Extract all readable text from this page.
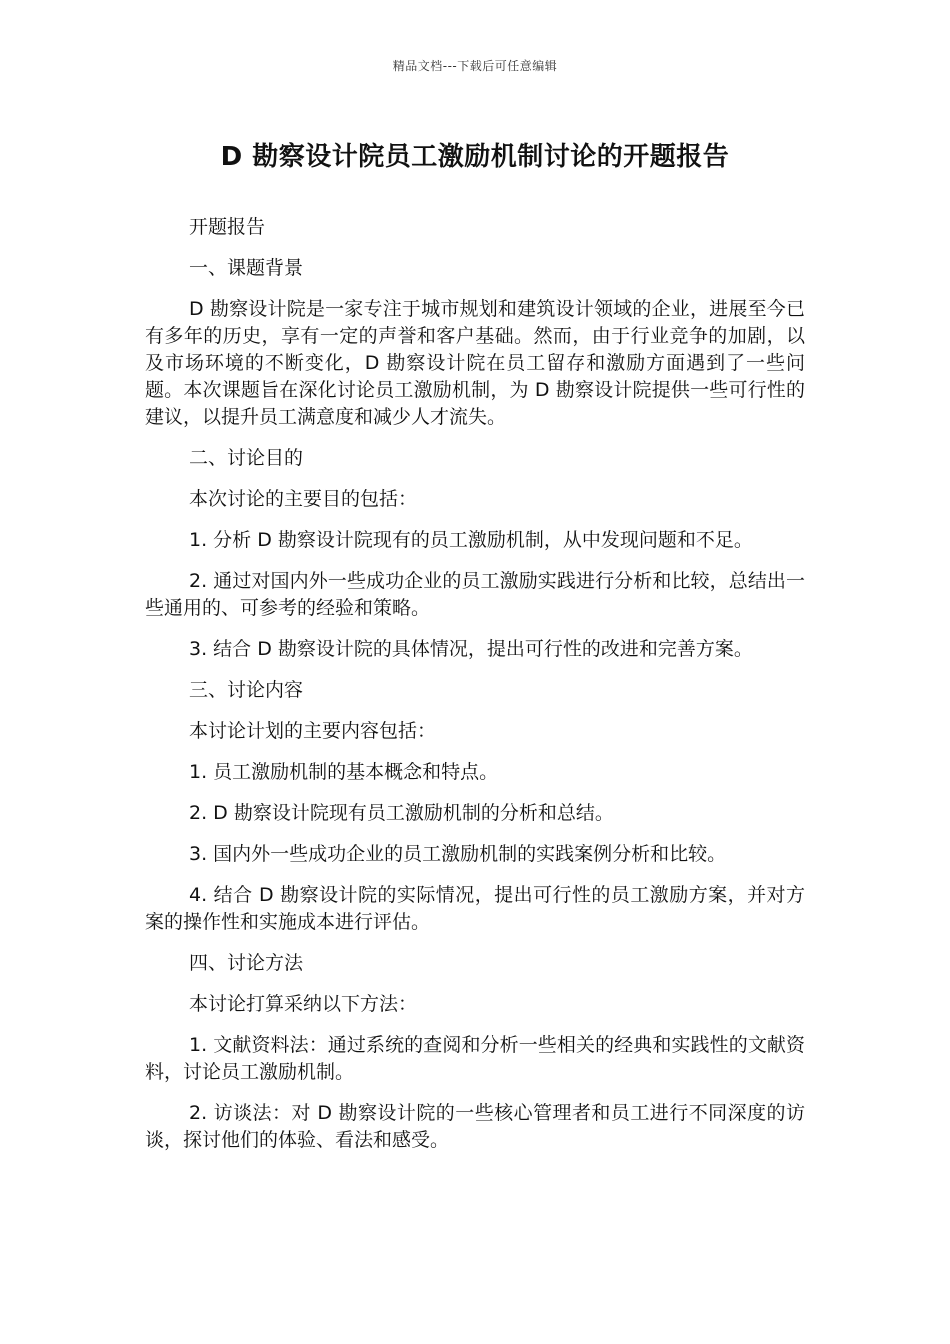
精品文档---下载后可任意编辑
D 勘察设计院员工激励机制讨论的开题报告

开题报告

一、课题背景

D 勘察设计院是一家专注于城市规划和建筑设计领域的企业，进展至今已有多年的历史，享有一定的声誉和客户基础。然而，由于行业竞争的加剧，以及市场环境的不断变化，D 勘察设计院在员工留存和激励方面遇到了一些问题。本次课题旨在深化讨论员工激励机制，为 D 勘察设计院提供一些可行性的建议，以提升员工满意度和减少人才流失。

二、讨论目的

本次讨论的主要目的包括：

1. 分析 D 勘察设计院现有的员工激励机制，从中发现问题和不足。

2. 通过对国内外一些成功企业的员工激励实践进行分析和比较，总结出一些通用的、可参考的经验和策略。

3. 结合 D 勘察设计院的具体情况，提出可行性的改进和完善方案。

三、讨论内容

本讨论计划的主要内容包括：

1. 员工激励机制的基本概念和特点。

2. D 勘察设计院现有员工激励机制的分析和总结。

3. 国内外一些成功企业的员工激励机制的实践案例分析和比较。

4. 结合 D 勘察设计院的实际情况，提出可行性的员工激励方案，并对方案的操作性和实施成本进行评估。

四、讨论方法

本讨论打算采纳以下方法：

1. 文献资料法：通过系统的查阅和分析一些相关的经典和实践性的文献资料，讨论员工激励机制。

2. 访谈法：对 D 勘察设计院的一些核心管理者和员工进行不同深度的访谈，探讨他们的体验、看法和感受。
